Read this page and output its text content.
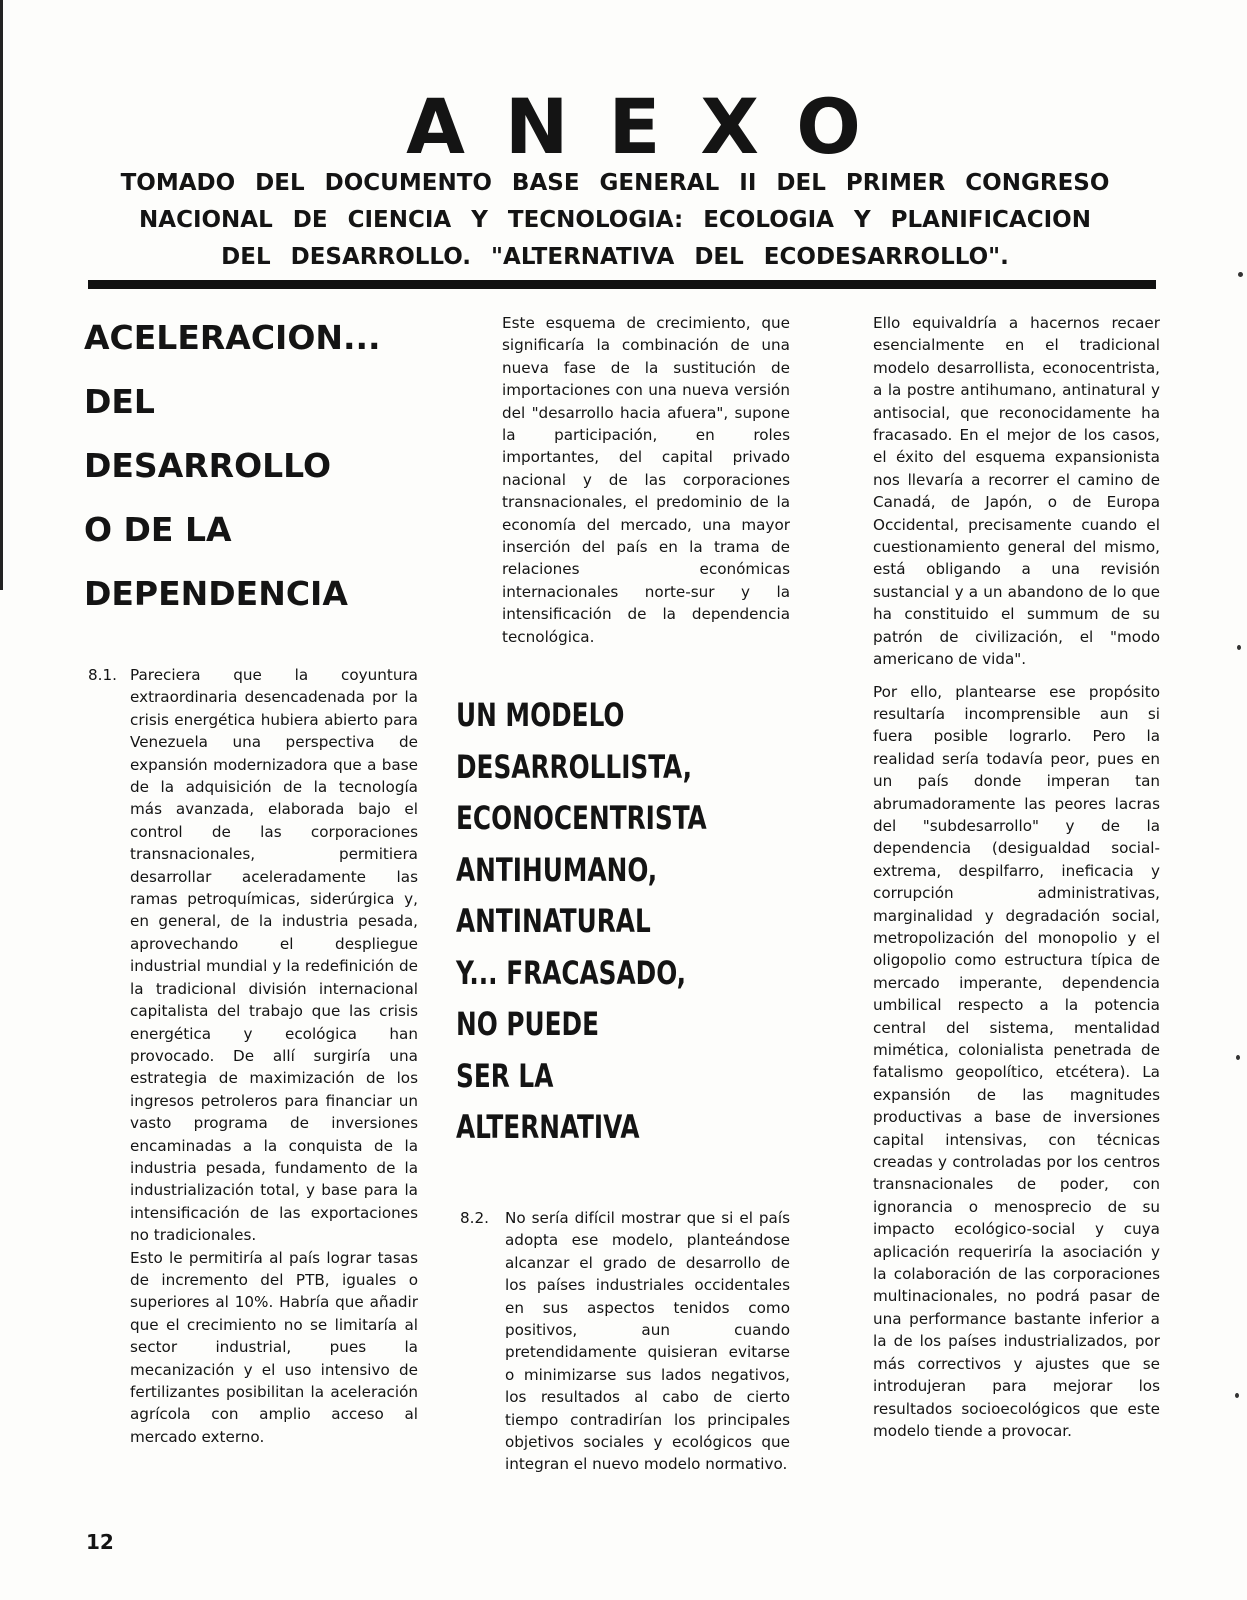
ANEXO
TOMADO DEL DOCUMENTO BASE GENERAL II DEL PRIMER CONGRESO
NACIONAL DE CIENCIA Y TECNOLOGIA: ECOLOGIA Y PLANIFICACION
DEL DESARROLLO. "ALTERNATIVA DEL ECODESARROLLO".
ACELERACION...
DEL
DESARROLLO
O DE LA
DEPENDENCIA
8.1. Pareciera que la coyuntura extraordinaria desencadenada por la crisis energética hubiera abierto para Venezuela una perspectiva de expansión modernizadora que a base de la adquisición de la tecnología más avanzada, elaborada bajo el control de las corporaciones transnacionales, permitiera desarrollar aceleradamente las ramas petroquímicas, siderúrgica y, en general, de la industria pesada, aprovechando el despliegue industrial mundial y la redefinición de la tradicional división internacional capitalista del trabajo que las crisis energética y ecológica han provocado. De allí surgiría una estrategia de maximización de los ingresos petroleros para financiar un vasto programa de inversiones encaminadas a la conquista de la industria pesada, fundamento de la industrialización total, y base para la intensificación de las exportaciones no tradicionales.
Esto le permitiría al país lograr tasas de incremento del PTB, iguales o superiores al 10%. Habría que añadir que el crecimiento no se limitaría al sector industrial, pues la mecanización y el uso intensivo de fertilizantes posibilitan la aceleración agrícola con amplio acceso al mercado externo.
Este esquema de crecimiento, que significaría la combinación de una nueva fase de la sustitución de importaciones con una nueva versión del "desarrollo hacia afuera", supone la participación, en roles importantes, del capital privado nacional y de las corporaciones transnacionales, el predominio de la economía del mercado, una mayor inserción del país en la trama de relaciones económicas internacionales norte-sur y la intensificación de la dependencia tecnológica.
UN MODELO
DESARROLLISTA,
ECONOCENTRISTA
ANTIHUMANO,
ANTINATURAL
Y... FRACASADO,
NO PUEDE
SER LA
ALTERNATIVA
8.2. No sería difícil mostrar que si el país adopta ese modelo, planteándose alcanzar el grado de desarrollo de los países industriales occidentales en sus aspectos tenidos como positivos, aun cuando pretendidamente quisieran evitarse o minimizarse sus lados negativos, los resultados al cabo de cierto tiempo contradirían los principales objetivos sociales y ecológicos que integran el nuevo modelo normativo.

Ello equivaldría a hacernos recaer esencialmente en el tradicional modelo desarrollista, econocentrista, a la postre antihumano, antinatural y antisocial, que reconocidamente ha fracasado. En el mejor de los casos, el éxito del esquema expansionista nos llevaría a recorrer el camino de Canadá, de Japón, o de Europa Occidental, precisamente cuando el cuestionamiento general del mismo, está obligando a una revisión sustancial y a un abandono de lo que ha constituido el summum de su patrón de civilización, el "modo americano de vida".

Por ello, plantearse ese propósito resultaría incomprensible aun si fuera posible lograrlo. Pero la realidad sería todavía peor, pues en un país donde imperan tan abrumadoramente las peores lacras del "subdesarrollo" y de la dependencia (desigualdad social-extrema, despilfarro, ineficacia y corrupción administrativas, marginalidad y degradación social, metropolización del monopolio y el oligopolio como estructura típica de mercado imperante, dependencia umbilical respecto a la potencia central del sistema, mentalidad mimética, colonialista penetrada de fatalismo geopolítico, etcétera). La expansión de las magnitudes productivas a base de inversiones capital intensivas, con técnicas creadas y controladas por los centros transnacionales de poder, con ignorancia o menosprecio de su impacto ecológico-social y cuya aplicación requeriría la asociación y la colaboración de las corporaciones multinacionales, no podrá pasar de una performance bastante inferior a la de los países industrializados, por más correctivos y ajustes que se introdujeran para mejorar los resultados socioecológicos que este modelo tiende a provocar.

12
